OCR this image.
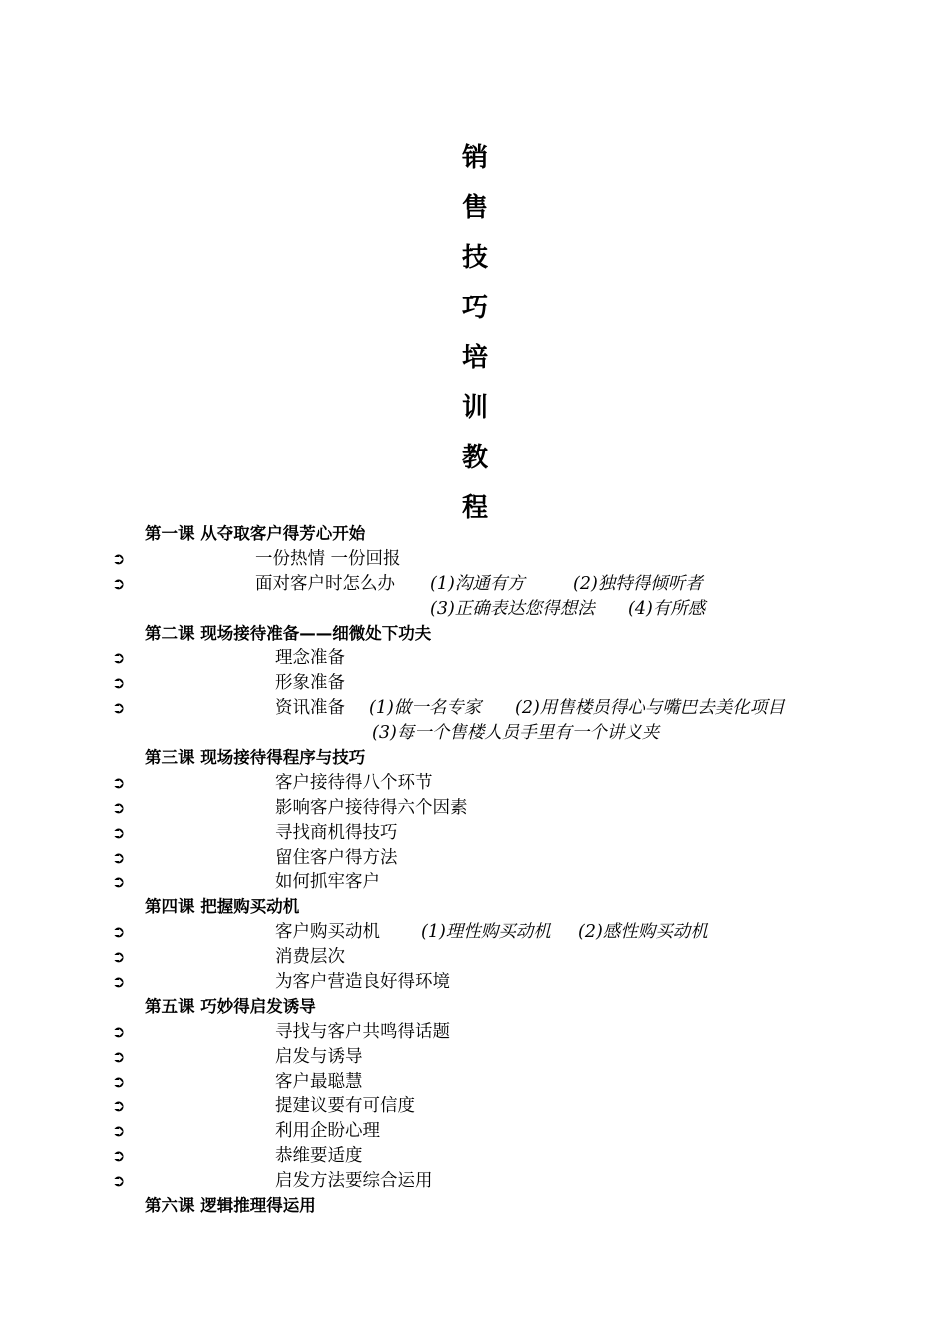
销
售
技
巧
培
训
教
程
第一课 从夺取客户得芳心开始
➲	一份热情 一份回报
➲	面对客户时怎么办 (1)沟通有方	(2)独特得倾听者
(3)正确表达您得想法 (4)有所感
第二课 现场接待准备——细微处下功夫
➲	理念准备
➲	形象准备
➲	资讯准备 (1)做一名专家 (2)用售楼员得心与嘴巴去美化项目
(3)每一个售楼人员手里有一个讲义夹
第三课 现场接待得程序与技巧
➲	客户接待得八个环节
➲	影响客户接待得六个因素
➲	寻找商机得技巧
➲	留住客户得方法
➲	如何抓牢客户
第四课 把握购买动机
➲	客户购买动机 (1)理性购买动机 (2)感性购买动机
➲	消费层次
➲	为客户营造良好得环境
第五课 巧妙得启发诱导
➲	寻找与客户共鸣得话题
➲	启发与诱导
➲	客户最聪慧
➲	提建议要有可信度
➲	利用企盼心理
➲	恭维要适度
➲	启发方法要综合运用
第六课 逻辑推理得运用
